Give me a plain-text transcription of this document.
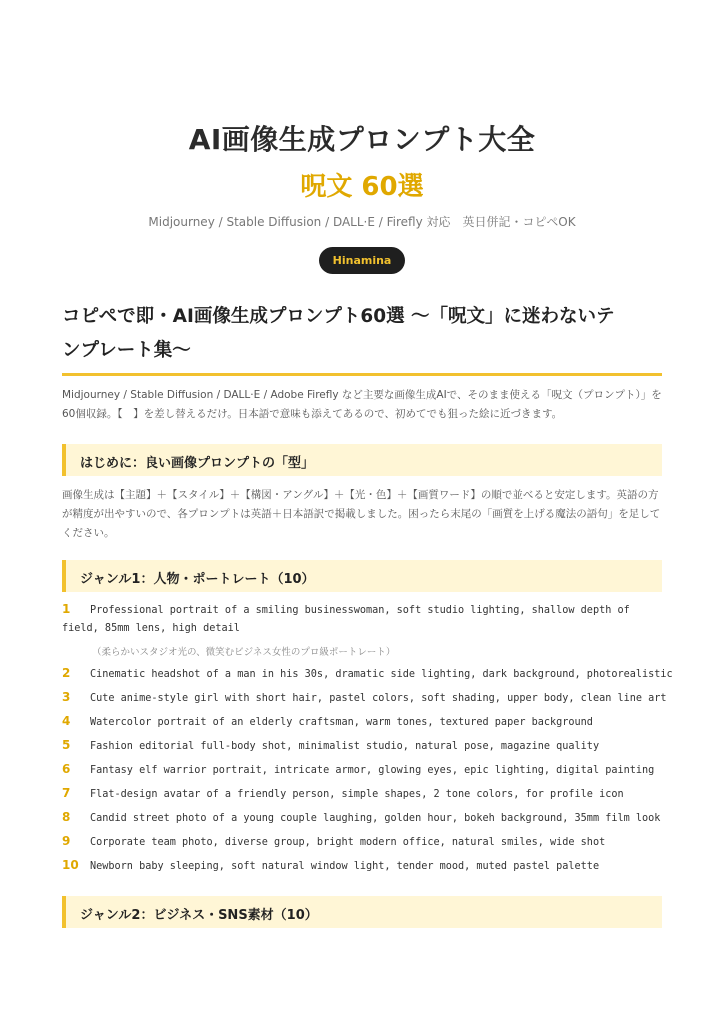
AI画像生成プロンプト大全
呪文 60選
Midjourney / Stable Diffusion / DALL·E / Firefly 対応　英日併記・コピペOK
Hinamina
コピペで即・AI画像生成プロンプト60選 〜「呪文」に迷わないテ
ンプレート集〜
Midjourney / Stable Diffusion / DALL·E / Adobe Firefly など主要な画像生成AIで、そのまま使える「呪文（プロンプト）」を60個収録。【　】を差し替えるだけ。日本語で意味も添えてあるので、初めてでも狙った絵に近づきます。
はじめに：良い画像プロンプトの「型」
画像生成は【主題】＋【スタイル】＋【構図・アングル】＋【光・色】＋【画質ワード】の順で並べると安定します。英語の方が精度が出やすいので、各プロンプトは英語＋日本語訳で掲載しました。困ったら末尾の「画質を上げる魔法の語句」を足してください。
ジャンル1：人物・ポートレート（10）
1	Professional portrait of a smiling businesswoman, soft studio lighting, shallow depth of field, 85mm lens, high detail
（柔らかいスタジオ光の、微笑むビジネス女性のプロ級ポートレート）
2	Cinematic headshot of a man in his 30s, dramatic side lighting, dark background, photorealistic
3	Cute anime-style girl with short hair, pastel colors, soft shading, upper body, clean line art
4	Watercolor portrait of an elderly craftsman, warm tones, textured paper background
5	Fashion editorial full-body shot, minimalist studio, natural pose, magazine quality
6	Fantasy elf warrior portrait, intricate armor, glowing eyes, epic lighting, digital painting
7	Flat-design avatar of a friendly person, simple shapes, 2 tone colors, for profile icon
8	Candid street photo of a young couple laughing, golden hour, bokeh background, 35mm film look
9	Corporate team photo, diverse group, bright modern office, natural smiles, wide shot
10	Newborn baby sleeping, soft natural window light, tender mood, muted pastel palette
ジャンル2：ビジネス・SNS素材（10）
